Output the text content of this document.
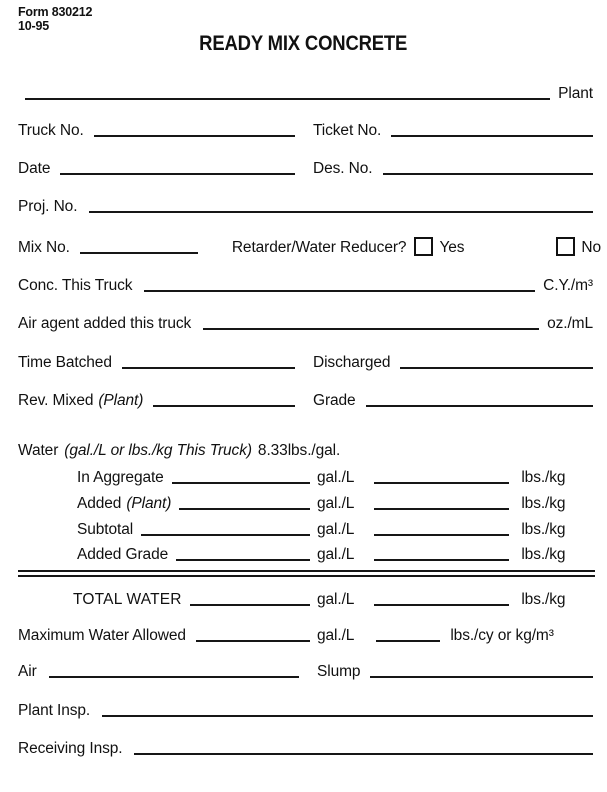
Form 830212
10-95
READY MIX CONCRETE
Plant
Truck No.	Ticket No.
Date	Des. No.
Proj. No.
Mix No.	Retarder/Water Reducer? Yes	No
Conc. This Truck	C.Y./m³
Air agent added this truck	oz./mL
Time Batched	Discharged
Rev. Mixed (Plant)	Grade
Water (gal./L or lbs./kg This Truck) 8.33lbs./gal.
In Aggregate	gal./L	lbs./kg
Added (Plant)	gal./L	lbs./kg
Subtotal	gal./L	lbs./kg
Added Grade	gal./L	lbs./kg
TOTAL WATER	gal./L	lbs./kg
Maximum Water Allowed	gal./L	lbs./cy or kg/m³
Air	Slump
Plant Insp.
Receiving Insp.
